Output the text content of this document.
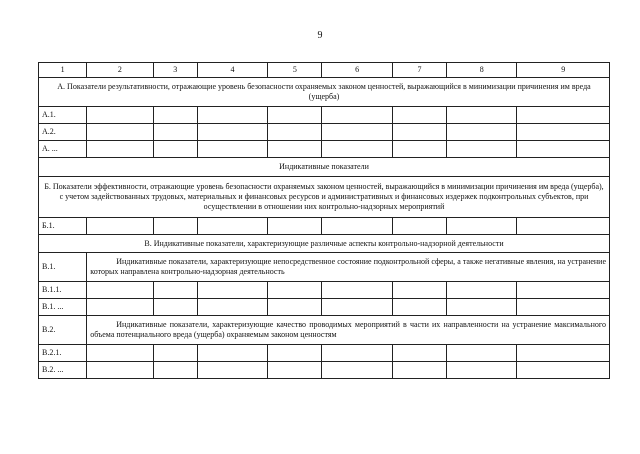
9
1	2	3	4	5	6	7	8	9
А. Показатели результативности, отражающие уровень безопасности охраняемых законом ценностей, выражающийся в минимизации причинения им вреда (ущерба)								
А.1.								
А.2.								
А. ...								
Индикативные показатели								
Б. Показатели эффективности, отражающие уровень безопасности охраняемых законом ценностей, выражающийся в минимизации причинения им вреда (ущерба), с учетом задействованных трудовых, материальных и финансовых ресурсов и административных и финансовых издержек подконтрольных субъектов, при осуществлении в отношении них контрольно-надзорных мероприятий								
Б.1.								
В. Индикативные показатели, характеризующие различные аспекты контрольно-надзорной деятельности								
В.1.	Индикативные показатели, характеризующие непосредственное состояние подконтрольной сферы, а также негативные явления, на устранение которых направлена контрольно-надзорная деятельность							
В.1.1.								
В.1. ...								
В.2.	Индикативные показатели, характеризующие качество проводимых мероприятий в части их направленности на устранение максимального объема потенциального вреда (ущерба) охраняемым законом ценностям							
В.2.1.								
В.2. ...								
